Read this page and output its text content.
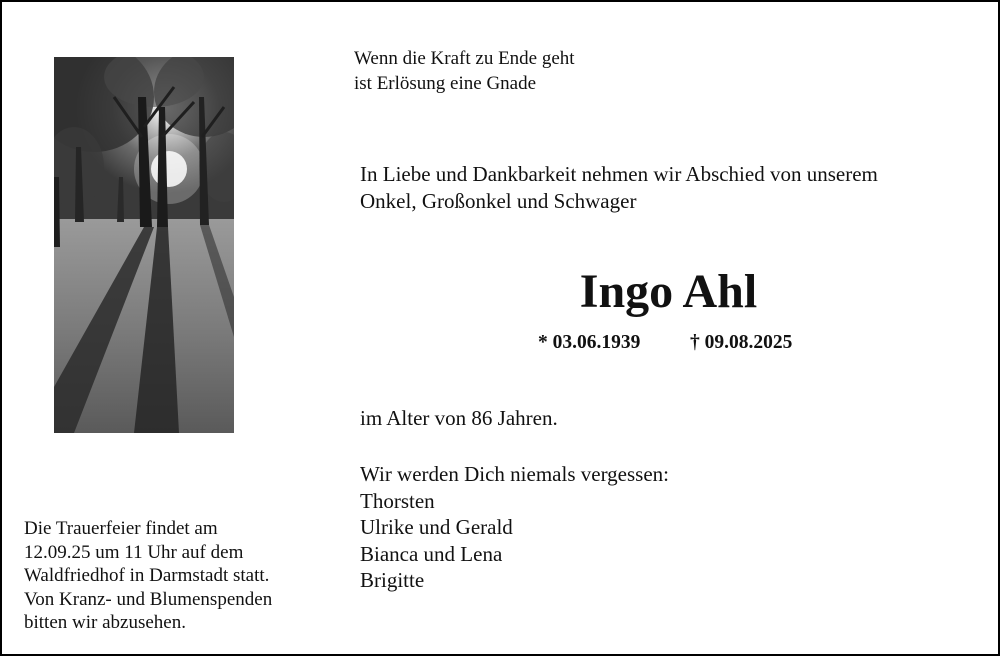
Wenn die Kraft zu Ende geht
ist Erlösung eine Gnade
In Liebe und Dankbarkeit nehmen wir Abschied von unserem
Onkel, Großonkel und Schwager
Ingo Ahl
* 03.06.1939	† 09.08.2025
im Alter von 86 Jahren.
Wir werden Dich niemals vergessen:
Thorsten
Ulrike und Gerald
Bianca und Lena
Brigitte
Die Trauerfeier findet am
12.09.25 um 11 Uhr auf dem
Waldfriedhof in Darmstadt statt.
Von Kranz- und Blumenspenden
bitten wir abzusehen.
